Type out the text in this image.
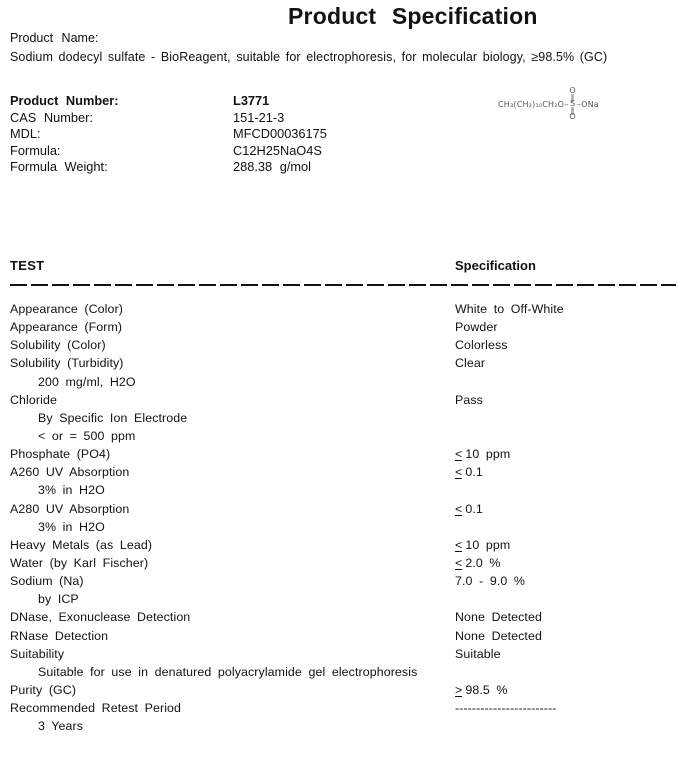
Product Specification
Product Name:
Sodium dodecyl sulfate - BioReagent, suitable for electrophoresis, for molecular biology, ≥98.5% (GC)
Product Number:	L3771
CAS Number:	151-21-3
MDL:	MFCD00036175
Formula:	C12H25NaO4S
Formula Weight:	288.38 g/mol
CH₃(CH₂)₁₀CH₂O –
O
‖
S
‖
O
– ONa
TEST	Specification
Appearance (Color)	White to Off-White
Appearance (Form)	Powder
Solubility (Color)	Colorless
Solubility (Turbidity)	Clear
200 mg/ml, H2O
Chloride	Pass
By Specific Ion Electrode
< or = 500 ppm
Phosphate (PO4)	< 10 ppm
A260 UV Absorption	< 0.1
3% in H2O
A280 UV Absorption	< 0.1
3% in H2O
Heavy Metals (as Lead)	< 10 ppm
Water (by Karl Fischer)	< 2.0 %
Sodium (Na)	7.0 - 9.0 %
by ICP
DNase, Exonuclease Detection	None Detected
RNase Detection	None Detected
Suitability	Suitable
Suitable for use in denatured polyacrylamide gel electrophoresis
Purity (GC)	> 98.5 %
Recommended Retest Period	------------------------
3 Years
